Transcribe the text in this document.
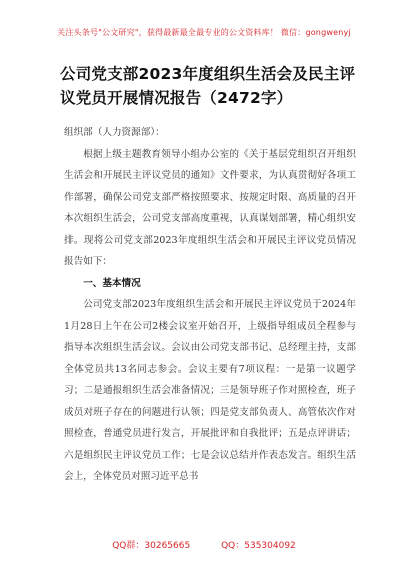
关注头条号"公文研究"，获得最新最全最专业的公文资料库！ 微信：gongwenyj
公司党支部2023年度组织生活会及民主评议党员开展情况报告（2472字）

组织部（人力资源部）：

根据上级主题教育领导小组办公室的《关于基层党组织召开组织生活会和开展民主评议党员的通知》文件要求，为认真贯彻好各项工作部署，确保公司党支部严格按照要求、按规定时限、高质量的召开本次组织生活会，公司党支部高度重视，认真谋划部署，精心组织安排。现将公司党支部2023年度组织生活会和开展民主评议党员情况报告如下：

一、基本情况

公司党支部2023年度组织生活会和开展民主评议党员于2024年1月28日上午在公司2楼会议室开始召开，上级指导组成员全程参与指导本次组织生活会议。会议由公司党支部书记、总经理主持，支部全体党员共13名同志参会。会议主要有7项议程：一是第一议题学习；二是通报组织生活会准备情况；三是领导班子作对照检查，班子成员对班子存在的问题进行认领；四是党支部负责人、高管依次作对照检查，普通党员进行发言，开展批评和自我批评；五是点评讲话；六是组织民主评议党员工作；七是会议总结并作表态发言。组织生活会上，全体党员对照习近平总书

QQ群：30265665	QQ：535304092
